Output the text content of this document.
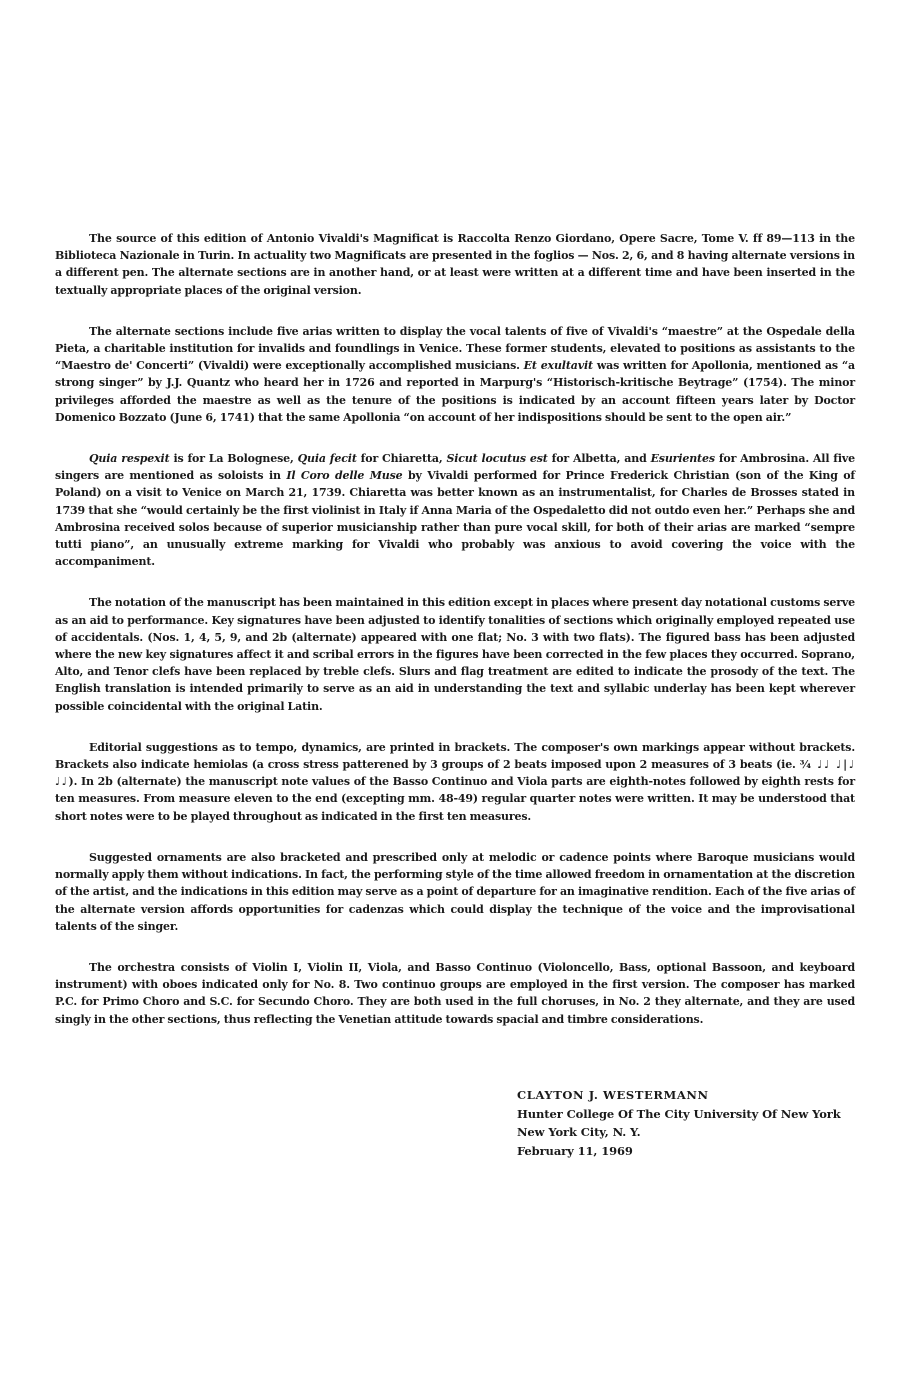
The source of this edition of Antonio Vivaldi's Magnificat is Raccolta Renzo Giordano, Opere Sacre, Tome V. ff 89—113 in the Biblioteca Nazionale in Turin. In actuality two Magnificats are presented in the foglios — Nos. 2, 6, and 8 having alternate versions in a different pen. The alternate sections are in another hand, or at least were written at a different time and have been inserted in the textually appropriate places of the original version.

The alternate sections include five arias written to display the vocal talents of five of Vivaldi's “maestre” at the Ospedale della Pieta, a charitable institution for invalids and foundlings in Venice. These former students, elevated to positions as assistants to the “Maestro de' Concerti” (Vivaldi) were exceptionally accomplished musicians. Et exultavit was written for Apollonia, mentioned as “a strong singer” by J.J. Quantz who heard her in 1726 and reported in Marpurg's “Historisch-kritische Beytrage” (1754). The minor privileges afforded the maestre as well as the tenure of the positions is indicated by an account fifteen years later by Doctor Domenico Bozzato (June 6, 1741) that the same Apollonia “on account of her indispositions should be sent to the open air.”

Quia respexit is for La Bolognese, Quia fecit for Chiaretta, Sicut locutus est for Albetta, and Esurientes for Ambrosina. All five singers are mentioned as soloists in Il Coro delle Muse by Vivaldi performed for Prince Frederick Christian (son of the King of Poland) on a visit to Venice on March 21, 1739. Chiaretta was better known as an instrumentalist, for Charles de Brosses stated in 1739 that she “would certainly be the first violinist in Italy if Anna Maria of the Ospedaletto did not outdo even her.” Perhaps she and Ambrosina received solos because of superior musicianship rather than pure vocal skill, for both of their arias are marked “sempre tutti piano”, an unusually extreme marking for Vivaldi who probably was anxious to avoid covering the voice with the accompaniment.

The notation of the manuscript has been maintained in this edition except in places where present day notational customs serve as an aid to performance. Key signatures have been adjusted to identify tonalities of sections which originally employed repeated use of accidentals. (Nos. 1, 4, 5, 9, and 2b (alternate) appeared with one flat; No. 3 with two flats). The figured bass has been adjusted where the new key signatures affect it and scribal errors in the figures have been corrected in the few places they occurred. Soprano, Alto, and Tenor clefs have been replaced by treble clefs. Slurs and flag treatment are edited to indicate the prosody of the text. The English translation is intended primarily to serve as an aid in understanding the text and syllabic underlay has been kept wherever possible coincidental with the original Latin.

Editorial suggestions as to tempo, dynamics, are printed in brackets. The composer's own markings appear without brackets. Brackets also indicate hemiolas (a cross stress patterened by 3 groups of 2 beats imposed upon 2 measures of 3 beats (ie. ¾ ♩♩ ♩|♩ ♩♩). In 2b (alternate) the manuscript note values of the Basso Continuo and Viola parts are eighth-notes followed by eighth rests for ten measures. From measure eleven to the end (excepting mm. 48-49) regular quarter notes were written. It may be understood that short notes were to be played throughout as indicated in the first ten measures.

Suggested ornaments are also bracketed and prescribed only at melodic or cadence points where Baroque musicians would normally apply them without indications. In fact, the performing style of the time allowed freedom in ornamentation at the discretion of the artist, and the indications in this edition may serve as a point of departure for an imaginative rendition. Each of the five arias of the alternate version affords opportunities for cadenzas which could display the technique of the voice and the improvisational talents of the singer.

The orchestra consists of Violin I, Violin II, Viola, and Basso Continuo (Violoncello, Bass, optional Bassoon, and keyboard instrument) with oboes indicated only for No. 8. Two continuo groups are employed in the first version. The composer has marked P.C. for Primo Choro and S.C. for Secundo Choro. They are both used in the full choruses, in No. 2 they alternate, and they are used singly in the other sections, thus reflecting the Venetian attitude towards spacial and timbre considerations.

CLAYTON J. WESTERMANN
Hunter College Of The City University Of New York
New York City, N. Y.
February 11, 1969
